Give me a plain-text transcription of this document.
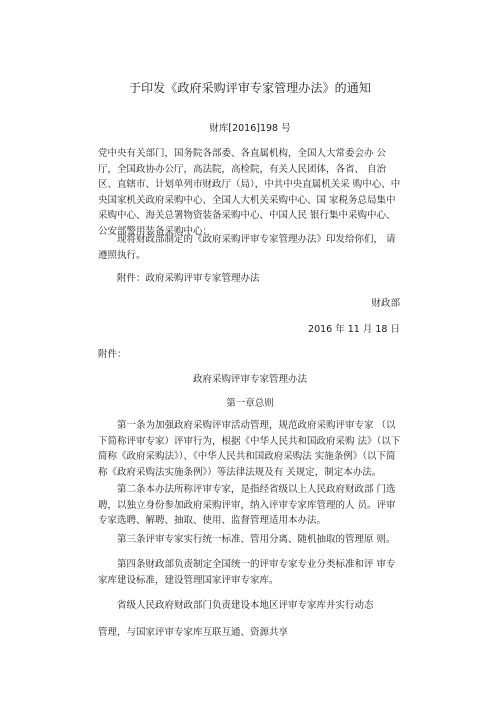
于印发《政府采购评审专家管理办法》的通知
财库[2016]198 号

党中央有关部门，国务院各部委、各直属机构，全国人大常委会办 公厅，全国政协办公厅，高法院，高检院，有关人民团体，各省、 自治区、直辖市、计划单列市财政厅（局），中共中央直属机关采 购中心、中央国家机关政府采购中心、全国人大机关采购中心、国 家税务总局集中采购中心、海关总署物资装备采购中心、中国人民 银行集中采购中心、公安部警用装备采购中心：

现将财政部制定的《政府采购评审专家管理办法》印发给你们， 请遵照执行。

附件：政府采购评审专家管理办法

财政部
2016 年 11 月 18 日

附件：

政府采购评审专家管理办法
第一章总则

第一条为加强政府采购评审活动管理，规范政府采购评审专家 （以下简称评审专家）评审行为，根据《中华人民共和国政府采购 法》（以下简称《政府采购法》）、《中华人民共和国政府采购法 实施条例》（以下简称《政府采购法实施条例》）等法律法规及有 关规定，制定本办法。

第二条本办法所称评审专家，是指经省级以上人民政府财政部 门选聘，以独立身份参加政府采购评审，纳入评审专家库管理的人 员。评审专家选聘、解聘、抽取、使用、监督管理适用本办法。

第三条评审专家实行统一标准、管用分离、随机抽取的管理原 则。

第四条财政部负责制定全国统一的评审专家专业分类标准和评 审专家库建设标准，建设管理国家评审专家库。

省级人民政府财政部门负责建设本地区评审专家库并实行动态

管理，与国家评审专家库互联互通、资源共享
